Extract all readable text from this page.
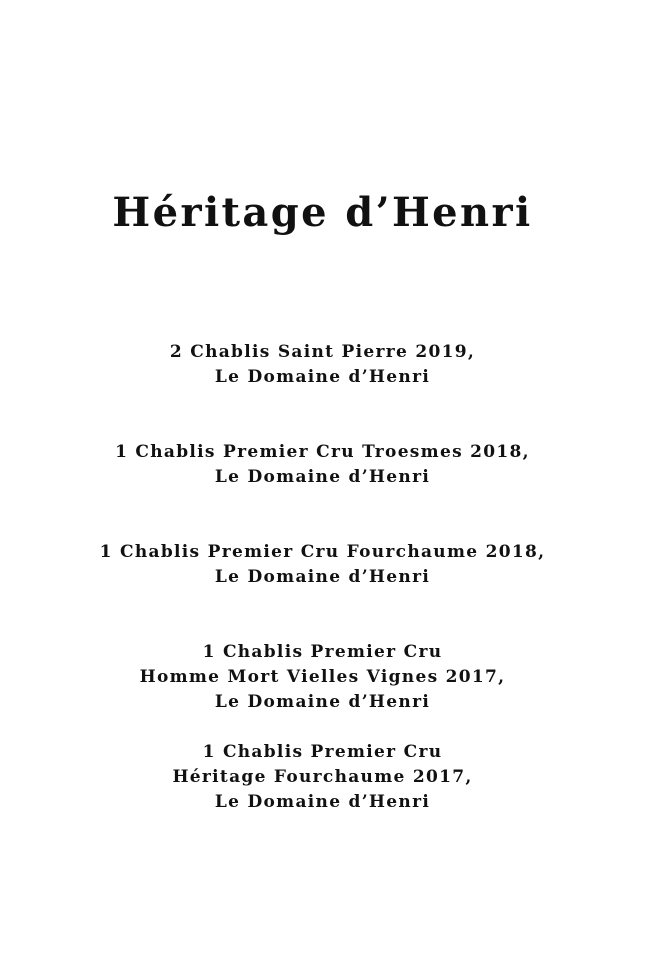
Héritage d’Henri
2 Chablis Saint Pierre 2019,
Le Domaine d’Henri
1 Chablis Premier Cru Troesmes 2018,
Le Domaine d’Henri
1 Chablis Premier Cru Fourchaume 2018,
Le Domaine d’Henri
1 Chablis Premier Cru
Homme Mort Vielles Vignes 2017,
Le Domaine d’Henri
1 Chablis Premier Cru
Héritage Fourchaume 2017,
Le Domaine d’Henri
